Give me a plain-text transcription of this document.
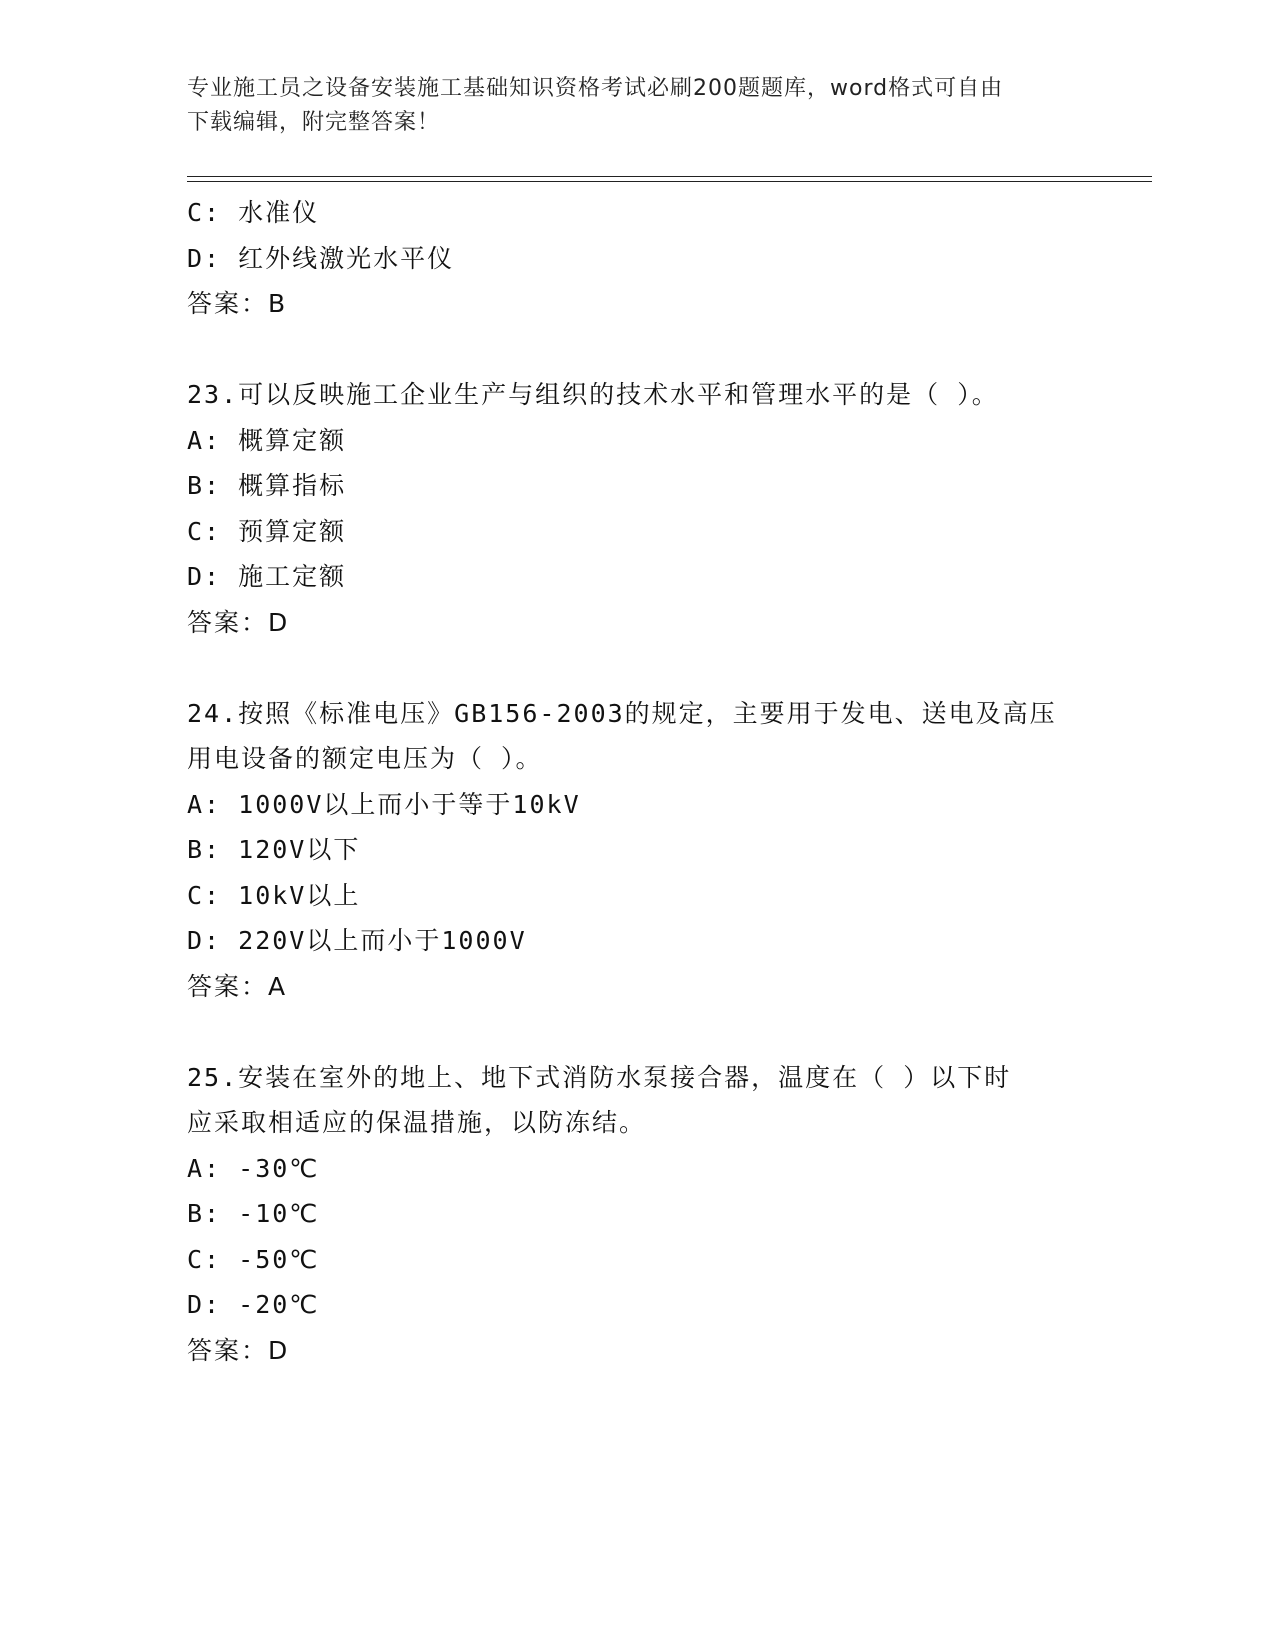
专业施工员之设备安装施工基础知识资格考试必刷200题题库，word格式可自由
下载编辑，附完整答案！
C: 水准仪
D: 红外线激光水平仪
答案：B
23.可以反映施工企业生产与组织的技术水平和管理水平的是（ ）。
A: 概算定额
B: 概算指标
C: 预算定额
D: 施工定额
答案：D
24.按照《标准电压》GB156-2003的规定，主要用于发电、送电及高压
用电设备的额定电压为（ ）。
A: 1000V以上而小于等于10kV
B: 120V以下
C: 10kV以上
D: 220V以上而小于1000V
答案：A
25.安装在室外的地上、地下式消防水泵接合器，温度在（ ）以下时
应采取相适应的保温措施，以防冻结。
A: -30℃
B: -10℃
C: -50℃
D: -20℃
答案：D
